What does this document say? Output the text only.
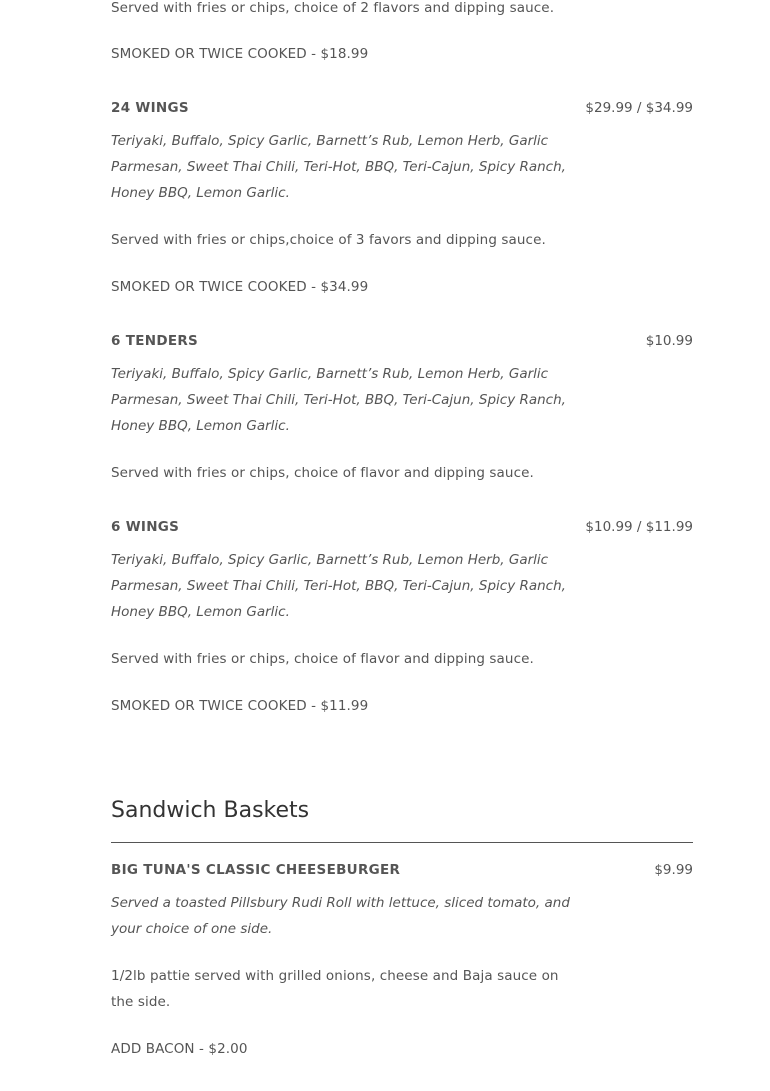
Served with fries or chips, choice of 2 flavors and dipping sauce.

SMOKED OR TWICE COOKED - $18.99

24 WINGS	$29.99 / $34.99

Teriyaki, Buffalo, Spicy Garlic, Barnett’s Rub, Lemon Herb, Garlic Parmesan, Sweet Thai Chili, Teri-Hot, BBQ, Teri-Cajun, Spicy Ranch, Honey BBQ, Lemon Garlic.

Served with fries or chips,choice of 3 favors and dipping sauce.

SMOKED OR TWICE COOKED - $34.99

6 TENDERS	$10.99

Teriyaki, Buffalo, Spicy Garlic, Barnett’s Rub, Lemon Herb, Garlic Parmesan, Sweet Thai Chili, Teri-Hot, BBQ, Teri-Cajun, Spicy Ranch, Honey BBQ, Lemon Garlic.

Served with fries or chips, choice of flavor and dipping sauce.

6 WINGS	$10.99 / $11.99

Teriyaki, Buffalo, Spicy Garlic, Barnett’s Rub, Lemon Herb, Garlic Parmesan, Sweet Thai Chili, Teri-Hot, BBQ, Teri-Cajun, Spicy Ranch, Honey BBQ, Lemon Garlic.

Served with fries or chips, choice of flavor and dipping sauce.

SMOKED OR TWICE COOKED - $11.99

Sandwich Baskets
BIG TUNA'S CLASSIC CHEESEBURGER	$9.99

Served a toasted Pillsbury Rudi Roll with lettuce, sliced tomato, and your choice of one side.

1/2lb pattie served with grilled onions, cheese and Baja sauce on the side.

ADD BACON - $2.00
